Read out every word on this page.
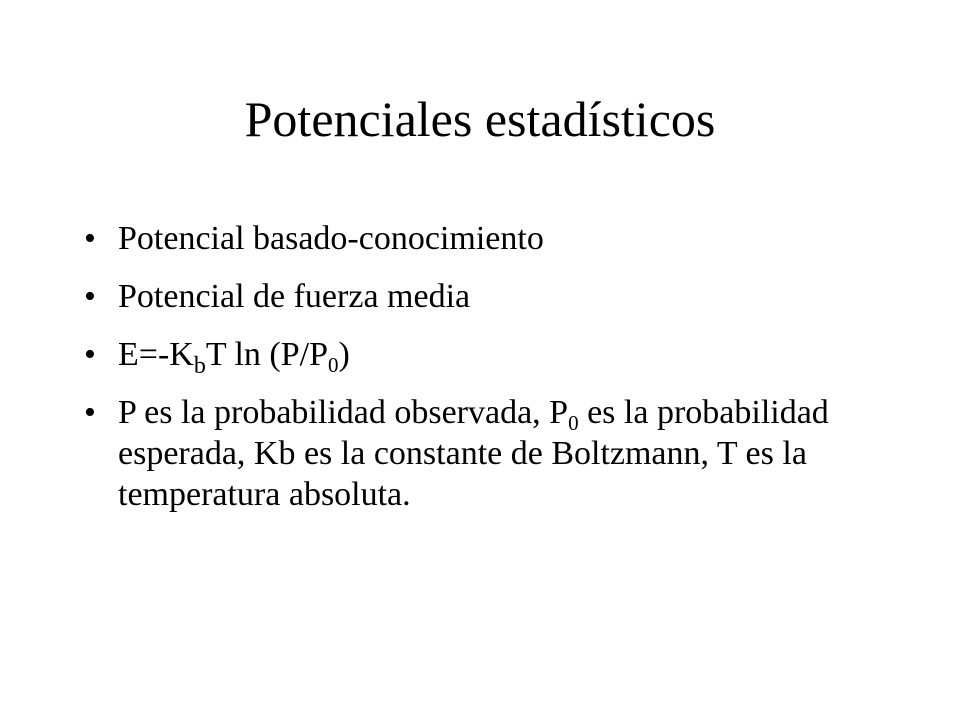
Potenciales estadísticos
• Potencial basado-conocimiento
• Potencial de fuerza media
• $E=-K_bT$ $\ln (P/P_0)$
• P es la probabilidad observada, $P_0$ es la probabilidad esperada, Kb es la constante de Boltzmann, T es la temperatura absoluta.
